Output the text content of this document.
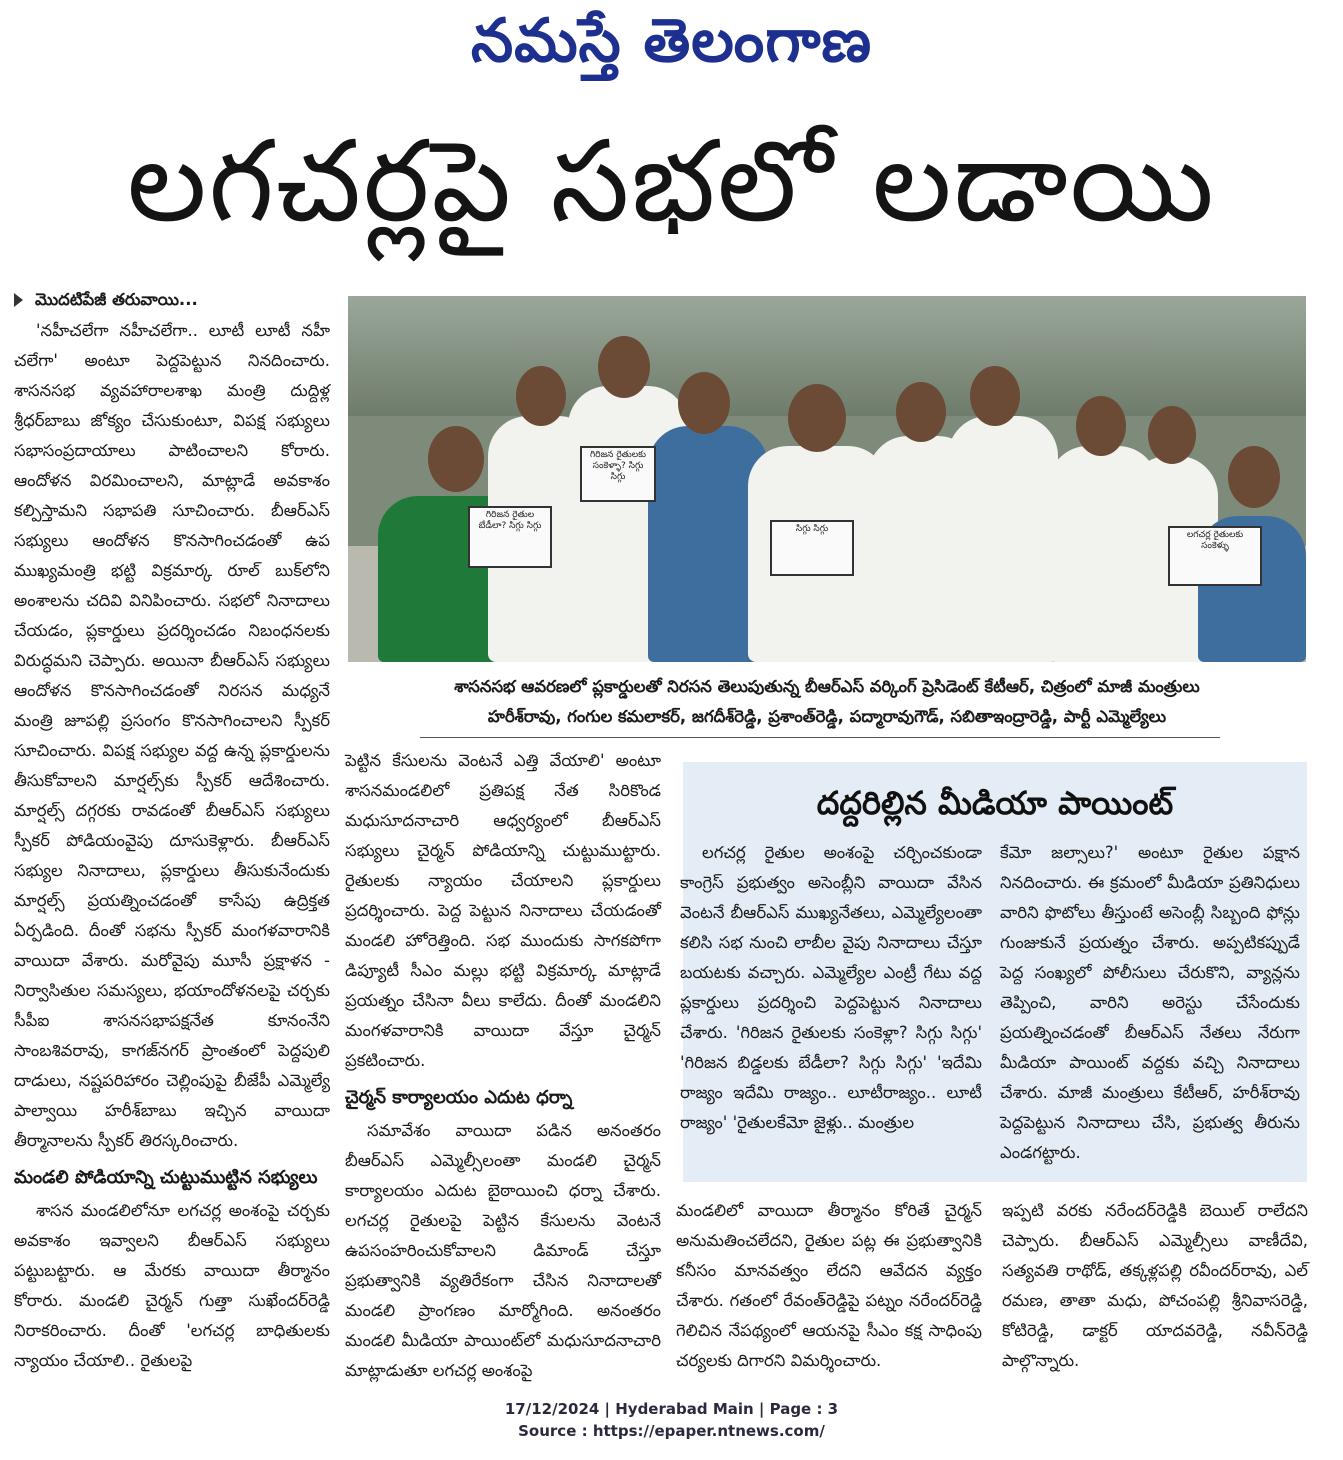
నమస్తే తెలంగాణ
లగచర్లపై సభలో లడాయి
మొదటిపేజీ తరువాయి...

'నహీచలేగా నహీచలేగా.. లూటీ లూటీ నహీ చలేగా' అంటూ పెద్దపెట్టున నినదించారు. శాసనసభ వ్యవహారాలశాఖ మంత్రి దుద్దిళ్ల శ్రీధర్‌బాబు జోక్యం చేసుకుంటూ, విపక్ష సభ్యులు సభాసంప్రదాయాలు పాటించాలని కోరారు. ఆందోళన విరమించాలని, మాట్లాడే అవకాశం కల్పిస్తామని సభాపతి సూచించారు. బీఆర్‌ఎస్ సభ్యులు ఆందోళన కొనసాగించడంతో ఉప ముఖ్యమంత్రి భట్టి విక్రమార్క రూల్ బుక్‌లోని అంశాలను చదివి వినిపించారు. సభలో నినాదాలు చేయడం, ప్లకార్డులు ప్రదర్శించడం నిబంధనలకు విరుద్ధమని చెప్పారు. అయినా బీఆర్‌ఎస్ సభ్యులు ఆందోళన కొనసాగించడంతో నిరసన మధ్యనే మంత్రి జూపల్లి ప్రసంగం కొనసాగించాలని స్పీకర్ సూచించారు. విపక్ష సభ్యుల వద్ద ఉన్న ప్లకార్డులను తీసుకోవాలని మార్షల్స్‌కు స్పీకర్ ఆదేశించారు. మార్షల్స్ దగ్గరకు రావడంతో బీఆర్‌ఎస్ సభ్యులు స్పీకర్ పోడియంవైపు దూసుకెళ్లారు. బీఆర్‌ఎస్ సభ్యుల నినాదాలు, ప్లకార్డులు తీసుకునేందుకు మార్షల్స్ ప్రయత్నించడంతో కాసేపు ఉద్రిక్తత ఏర్పడింది. దీంతో సభను స్పీకర్ మంగళవారానికి వాయిదా వేశారు. మరోవైపు మూసీ ప్రక్షాళన - నిర్వాసితుల సమస్యలు, భయాందోళనలపై చర్చకు సీపీఐ శాసనసభాపక్షనేత కూనంనేని సాంబశివరావు, కాగజ్‌నగర్ ప్రాంతంలో పెద్దపులి దాడులు, నష్టపరిహారం చెల్లింపుపై బీజేపీ ఎమ్మెల్యే పాల్వాయి హరీశ్‌బాబు ఇచ్చిన వాయిదా తీర్మానాలను స్పీకర్ తిరస్కరించారు.

మండలి పోడియాన్ని చుట్టుముట్టిన సభ్యులు

శాసన మండలిలోనూ లగచర్ల అంశంపై చర్చకు అవకాశం ఇవ్వాలని బీఆర్‌ఎస్ సభ్యులు పట్టుబట్టారు. ఆ మేరకు వాయిదా తీర్మానం కోరారు. మండలి చైర్మన్ గుత్తా సుఖేందర్‌రెడ్డి నిరాకరించారు. దీంతో 'లగచర్ల బాధితులకు న్యాయం చేయాలి.. రైతులపై

గిరిజన రైతుల బేడీలా? సిగ్గు సిగ్గు
గిరిజన రైతులకు సంకెళ్ళా? సిగ్గు సిగ్గు
సిగ్గు సిగ్గు
లగచర్ల రైతులకు సంకెళ్ళు
శాసనసభ ఆవరణలో ప్లకార్డులతో నిరసన తెలుపుతున్న బీఆర్‌ఎస్ వర్కింగ్ ప్రెసిడెంట్ కేటీఆర్, చిత్రంలో మాజీ మంత్రులు
హరీశ్‌రావు, గంగుల కమలాకర్, జగదీశ్‌రెడ్డి, ప్రశాంత్‌రెడ్డి, పద్మారావుగౌడ్, సబితాఇంద్రారెడ్డి, పార్టీ ఎమ్మెల్యేలు

పెట్టిన కేసులను వెంటనే ఎత్తి వేయాలి' అంటూ శాసనమండలిలో ప్రతిపక్ష నేత సిరికొండ మధుసూదనాచారి ఆధ్వర్యంలో బీఆర్‌ఎస్ సభ్యులు చైర్మన్ పోడియాన్ని చుట్టుముట్టారు. రైతులకు న్యాయం చేయాలని ప్లకార్డులు ప్రదర్శించారు. పెద్ద పెట్టున నినాదాలు చేయడంతో మండలి హోరెత్తింది. సభ ముందుకు సాగకపోగా డిప్యూటీ సీఎం మల్లు భట్టి విక్రమార్క మాట్లాడే ప్రయత్నం చేసినా వీలు కాలేదు. దీంతో మండలిని మంగళవారానికి వాయిదా వేస్తూ చైర్మన్ ప్రకటించారు.

చైర్మన్ కార్యాలయం ఎదుట ధర్నా

సమావేశం వాయిదా పడిన అనంతరం బీఆర్‌ఎస్ ఎమ్మెల్సీలంతా మండలి చైర్మన్ కార్యాలయం ఎదుట బైఠాయించి ధర్నా చేశారు. లగచర్ల రైతులపై పెట్టిన కేసులను వెంటనే ఉపసంహరించుకోవాలని డిమాండ్ చేస్తూ ప్రభుత్వానికి వ్యతిరేకంగా చేసిన నినాదాలతో మండలి ప్రాంగణం మార్మోగింది. అనంతరం మండలి మీడియా పాయింట్‌లో మధుసూదనాచారి మాట్లాడుతూ లగచర్ల అంశంపై

దద్దరిల్లిన మీడియా పాయింట్

లగచర్ల రైతుల అంశంపై చర్చించకుండా కాంగ్రెస్ ప్రభుత్వం అసెంబ్లీని వాయిదా వేసిన వెంటనే బీఆర్‌ఎస్ ముఖ్యనేతలు, ఎమ్మెల్యేలంతా కలిసి సభ నుంచి లాబీల వైపు నినాదాలు చేస్తూ బయటకు వచ్చారు. ఎమ్మెల్యేల ఎంట్రీ గేటు వద్ద ప్లకార్డులు ప్రదర్శించి పెద్దపెట్టున నినాదాలు చేశారు. 'గిరిజన రైతులకు సంకెళ్లా? సిగ్గు సిగ్గు' 'గిరిజన బిడ్డలకు బేడీలా? సిగ్గు సిగ్గు' 'ఇదేమి రాజ్యం ఇదేమి రాజ్యం.. లూటీరాజ్యం.. లూటీ రాజ్యం' 'రైతులకేమో జైళ్లు.. మంత్రుల

కేమో జల్సాలు?' అంటూ రైతుల పక్షాన నినదించారు. ఈ క్రమంలో మీడియా ప్రతినిధులు వారిని ఫొటోలు తీస్తుంటే అసెంబ్లీ సిబ్బంది ఫోన్లు గుంజుకునే ప్రయత్నం చేశారు. అప్పటికప్పుడే పెద్ద సంఖ్యలో పోలీసులు చేరుకొని, వ్యాన్లను తెప్పించి, వారిని అరెస్టు చేసేందుకు ప్రయత్నించడంతో బీఆర్‌ఎస్ నేతలు నేరుగా మీడియా పాయింట్ వద్దకు వచ్చి నినాదాలు చేశారు. మాజీ మంత్రులు కేటీఆర్, హరీశ్‌రావు పెద్దపెట్టున నినాదాలు చేసి, ప్రభుత్వ తీరును ఎండగట్టారు.

మండలిలో వాయిదా తీర్మానం కోరితే చైర్మన్ అనుమతించలేదని, రైతుల పట్ల ఈ ప్రభుత్వానికి కనీసం మానవత్వం లేదని ఆవేదన వ్యక్తం చేశారు. గతంలో రేవంత్‌రెడ్డిపై పట్నం నరేందర్‌రెడ్డి గెలిచిన నేపథ్యంలో ఆయనపై సీఎం కక్ష సాధింపు చర్యలకు దిగారని విమర్శించారు.

ఇప్పటి వరకు నరేందర్‌రెడ్డికి బెయిల్ రాలేదని చెప్పారు. బీఆర్‌ఎస్ ఎమ్మెల్సీలు వాణీదేవి, సత్యవతి రాథోడ్, తక్కళ్లపల్లి రవీందర్‌రావు, ఎల్ రమణ, తాతా మధు, పోచంపల్లి శ్రీనివాసరెడ్డి, కోటిరెడ్డి, డాక్టర్ యాదవరెడ్డి, నవీన్‌రెడ్డి పాల్గొన్నారు.

17/12/2024 | Hyderabad Main | Page : 3
Source : https://epaper.ntnews.com/
